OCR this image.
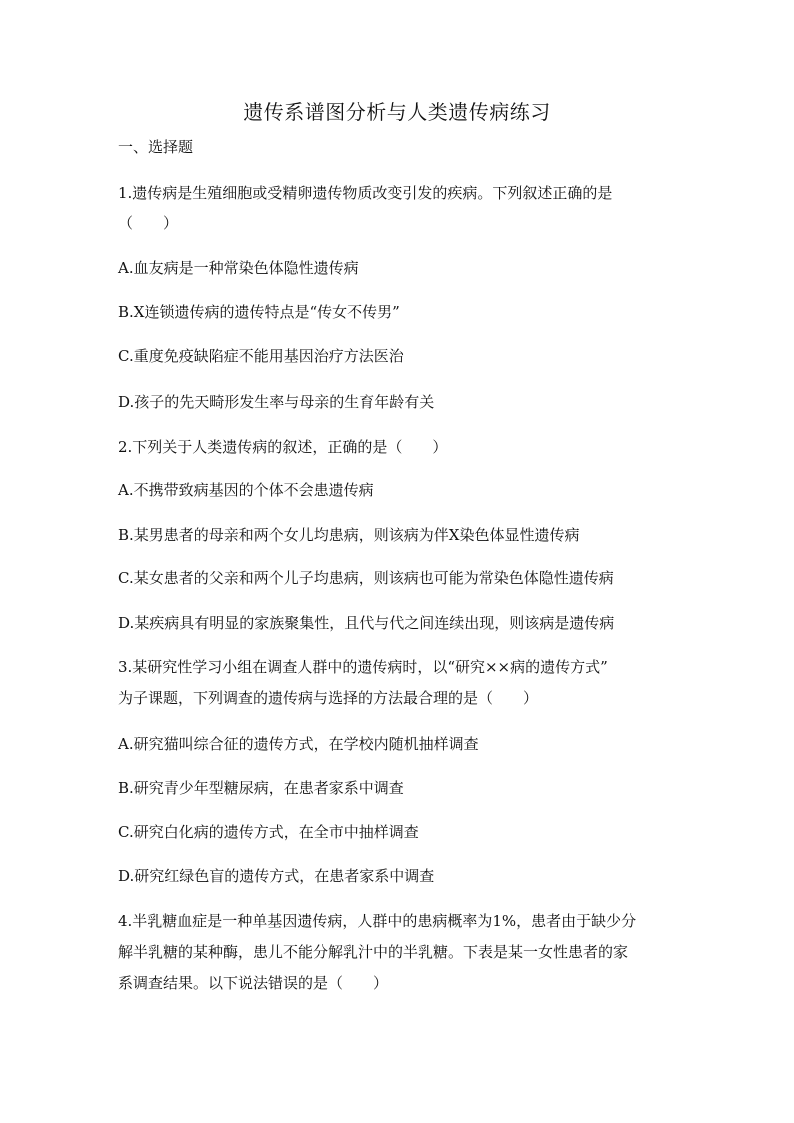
遗传系谱图分析与人类遗传病练习
一、选择题
1.遗传病是生殖细胞或受精卵遗传物质改变引发的疾病。下列叙述正确的是
（　　）
A.血友病是一种常染色体隐性遗传病
B.X连锁遗传病的遗传特点是“传女不传男”
C.重度免疫缺陷症不能用基因治疗方法医治
D.孩子的先天畸形发生率与母亲的生育年龄有关
2.下列关于人类遗传病的叙述，正确的是（　　）
A.不携带致病基因的个体不会患遗传病
B.某男患者的母亲和两个女儿均患病，则该病为伴X染色体显性遗传病
C.某女患者的父亲和两个儿子均患病，则该病也可能为常染色体隐性遗传病
D.某疾病具有明显的家族聚集性，且代与代之间连续出现，则该病是遗传病
3.某研究性学习小组在调查人群中的遗传病时，以“研究××病的遗传方式”
为子课题，下列调查的遗传病与选择的方法最合理的是（　　）
A.研究猫叫综合征的遗传方式，在学校内随机抽样调查
B.研究青少年型糖尿病，在患者家系中调查
C.研究白化病的遗传方式，在全市中抽样调查
D.研究红绿色盲的遗传方式，在患者家系中调查
4.半乳糖血症是一种单基因遗传病，人群中的患病概率为1%，患者由于缺少分
解半乳糖的某种酶，患儿不能分解乳汁中的半乳糖。下表是某一女性患者的家
系调查结果。以下说法错误的是（　　）
